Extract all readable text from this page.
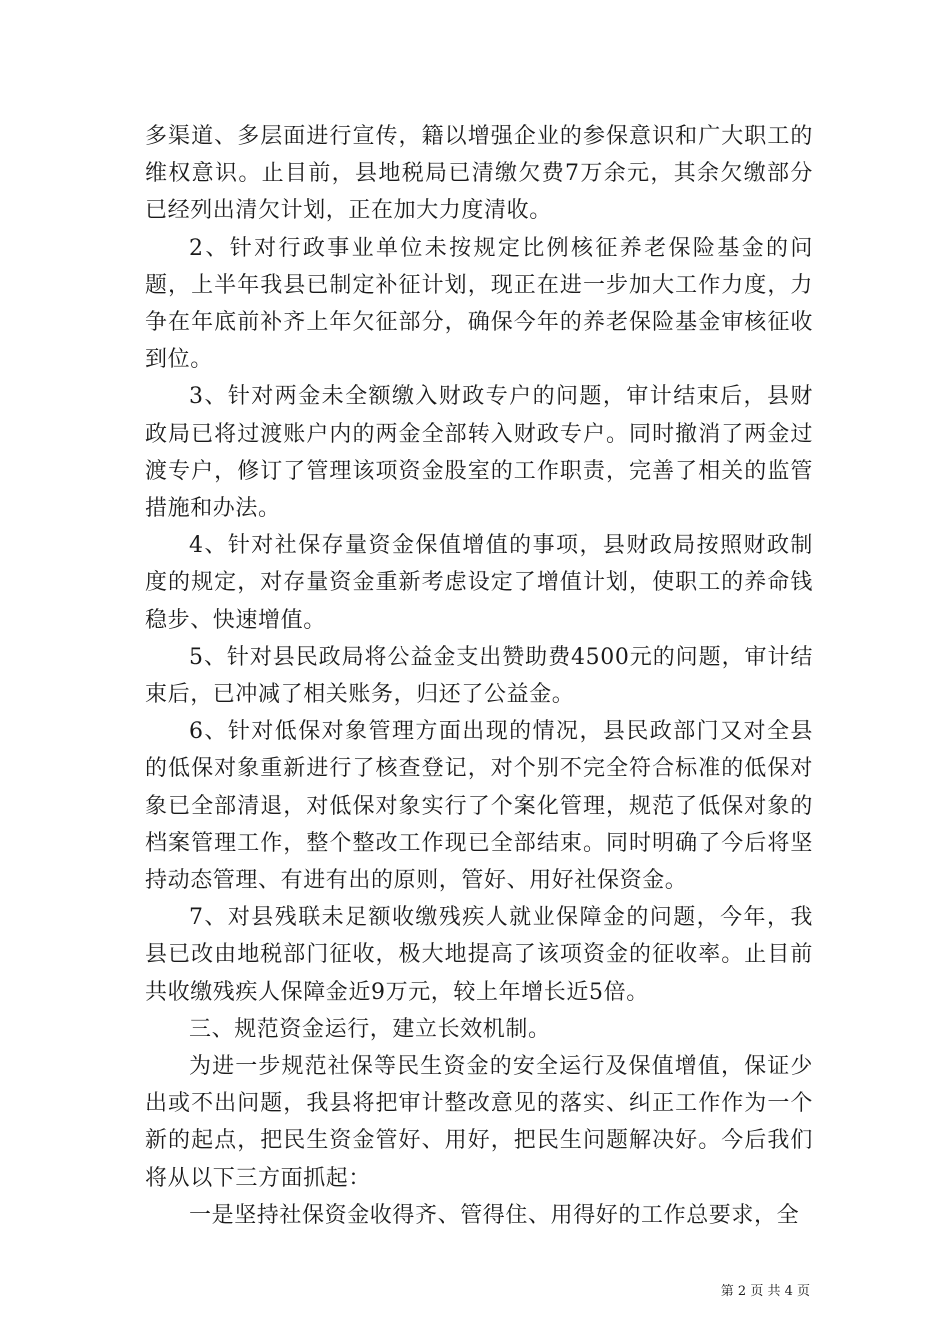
多渠道、多层面进行宣传，籍以增强企业的参保意识和广大职工的维权意识。止目前，县地税局已清缴欠费7万余元，其余欠缴部分已经列出清欠计划，正在加大力度清收。

2、针对行政事业单位未按规定比例核征养老保险基金的问题，上半年我县已制定补征计划，现正在进一步加大工作力度，力争在年底前补齐上年欠征部分，确保今年的养老保险基金审核征收到位。

3、针对两金未全额缴入财政专户的问题，审计结束后，县财政局已将过渡账户内的两金全部转入财政专户。同时撤消了两金过渡专户，修订了管理该项资金股室的工作职责，完善了相关的监管措施和办法。

4、针对社保存量资金保值增值的事项，县财政局按照财政制度的规定，对存量资金重新考虑设定了增值计划，使职工的养命钱稳步、快速增值。

5、针对县民政局将公益金支出赞助费4500元的问题，审计结束后，已冲减了相关账务，归还了公益金。

6、针对低保对象管理方面出现的情况，县民政部门又对全县的低保对象重新进行了核查登记，对个别不完全符合标准的低保对象已全部清退，对低保对象实行了个案化管理，规范了低保对象的档案管理工作，整个整改工作现已全部结束。同时明确了今后将坚持动态管理、有进有出的原则，管好、用好社保资金。

7、对县残联未足额收缴残疾人就业保障金的问题，今年，我县已改由地税部门征收，极大地提高了该项资金的征收率。止目前共收缴残疾人保障金近9万元，较上年增长近5倍。

三、规范资金运行，建立长效机制。

为进一步规范社保等民生资金的安全运行及保值增值，保证少出或不出问题，我县将把审计整改意见的落实、纠正工作作为一个新的起点，把民生资金管好、用好，把民生问题解决好。今后我们将从以下三方面抓起：

一是坚持社保资金收得齐、管得住、用得好的工作总要求，全

第 2 页 共 4 页
